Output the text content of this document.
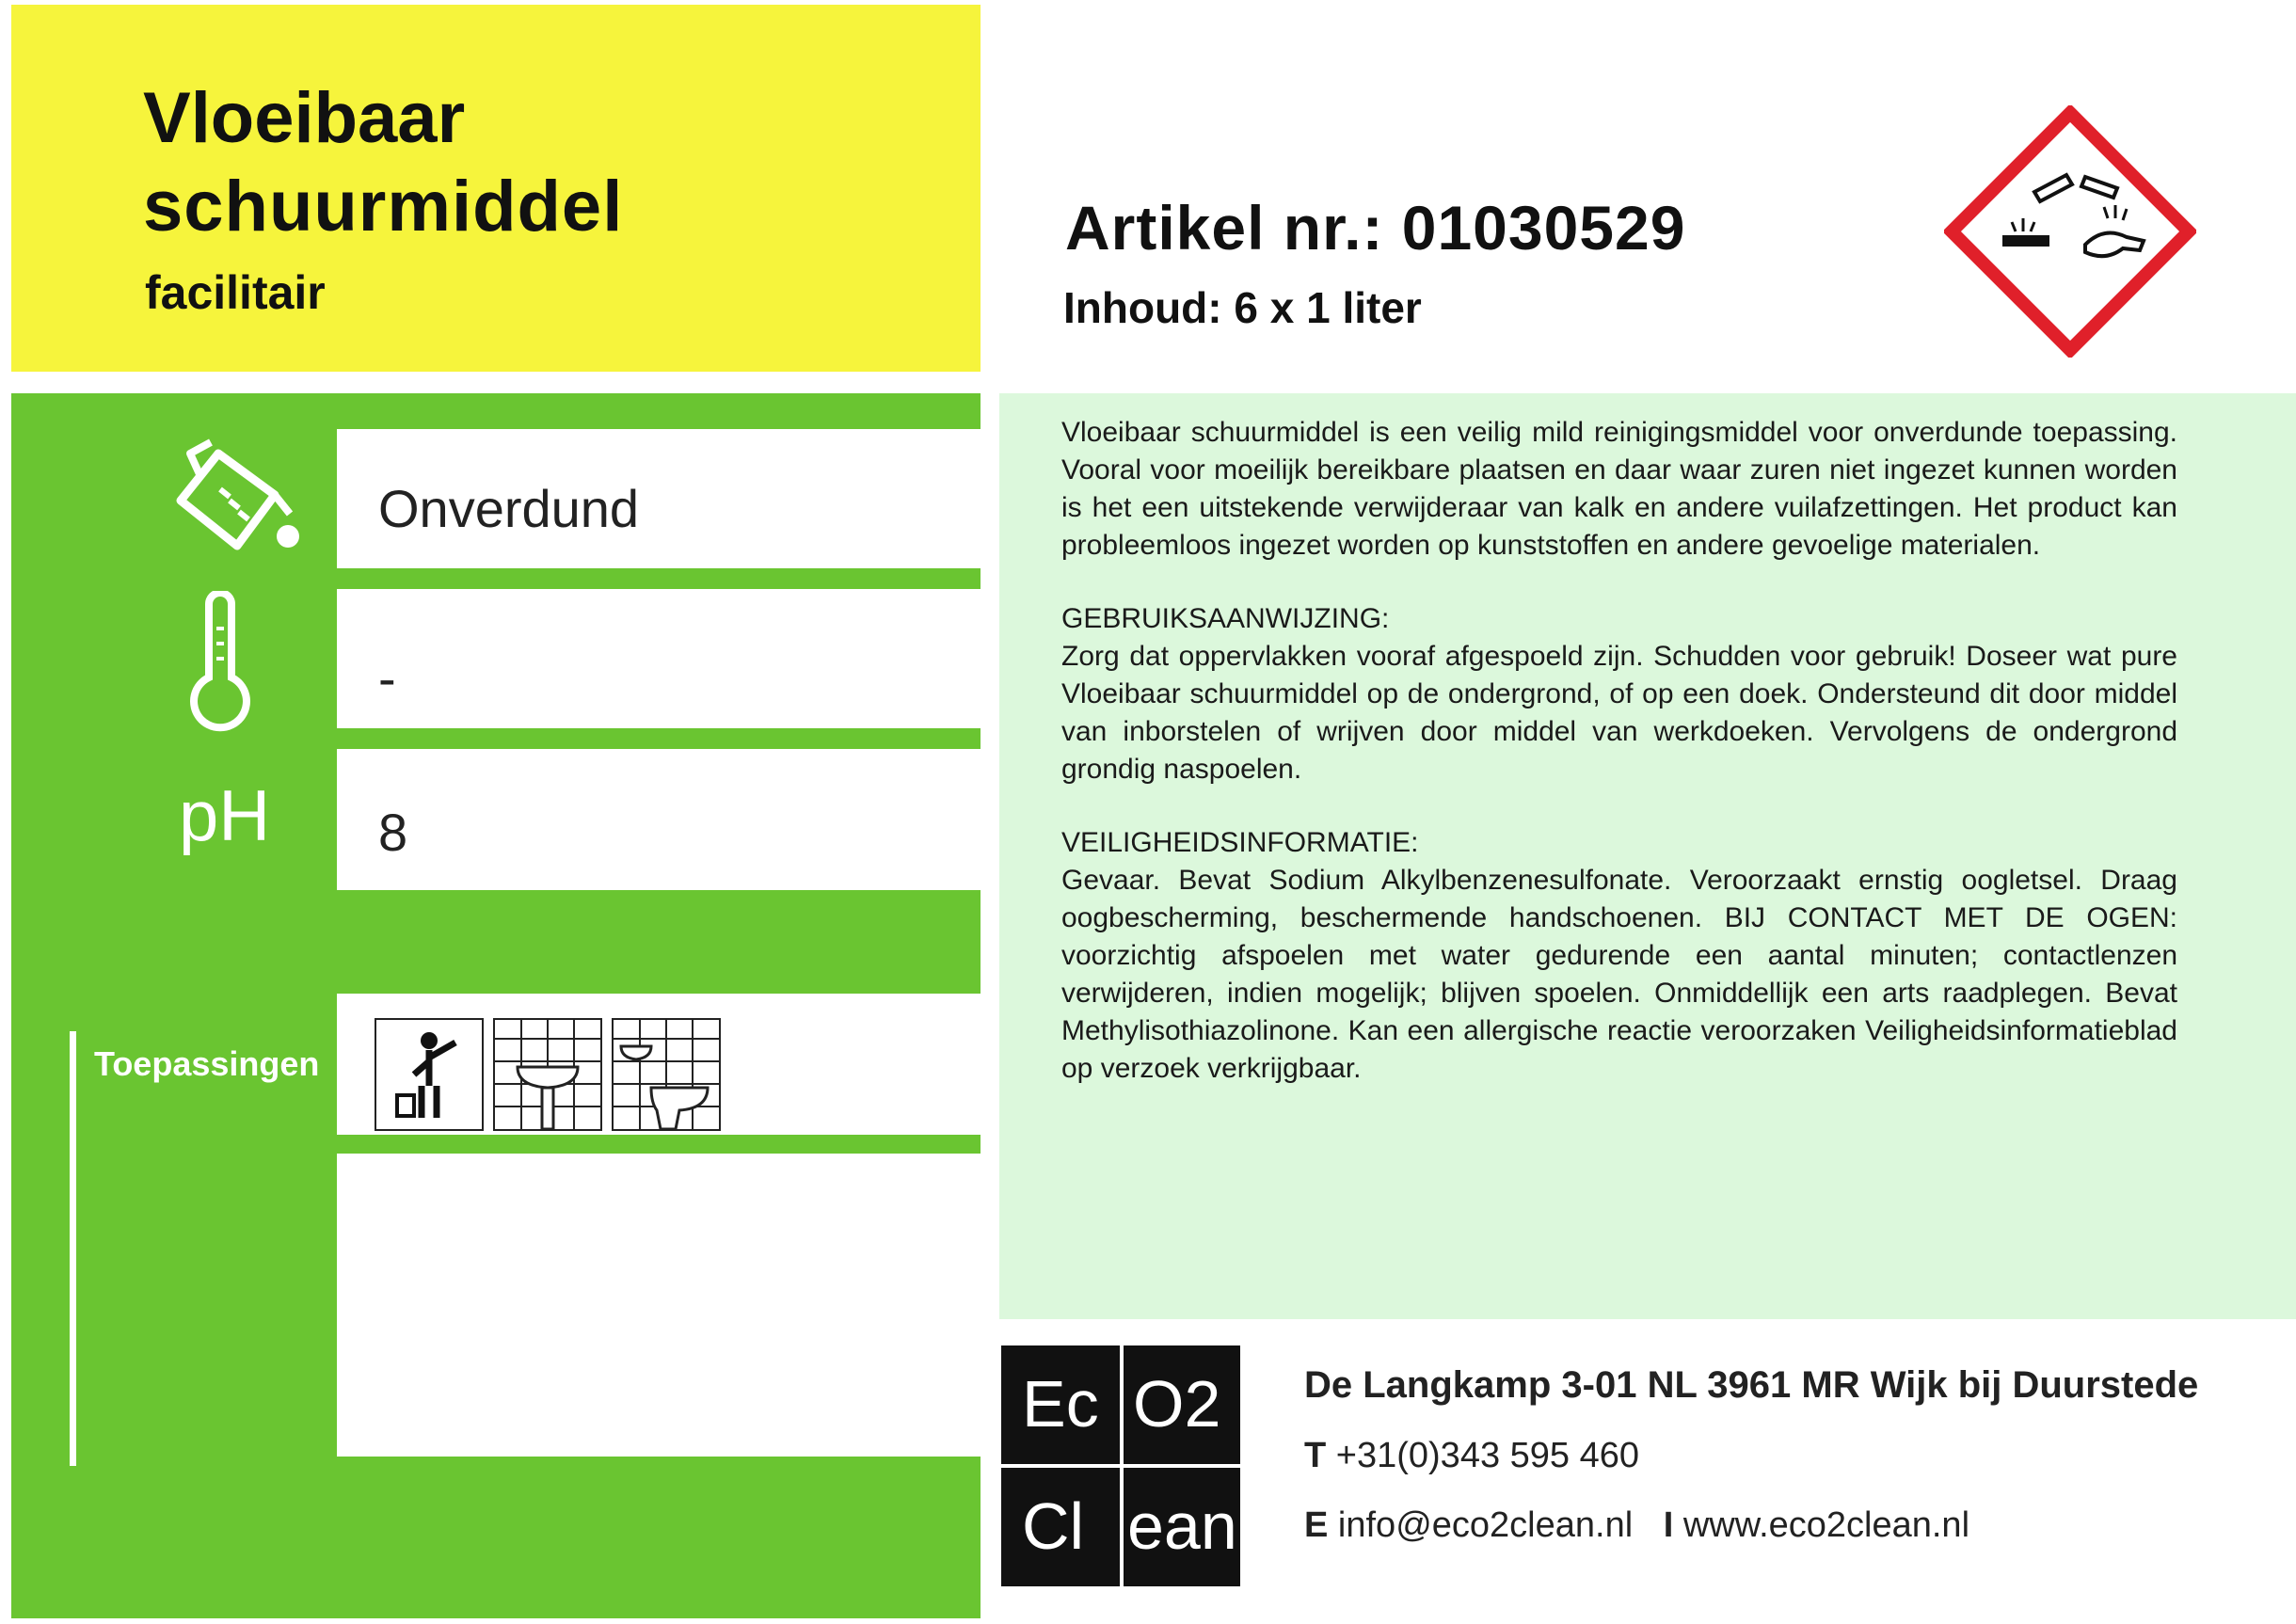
Vloeibaar
schuurmiddel
facilitair
Artikel nr.: 01030529
Inhoud: 6 x 1 liter
Onverdund
-
pH 8
Toepassingen

Vloeibaar schuurmiddel is een veilig mild reinigingsmiddel voor onverdunde toepassing. Vooral voor moeilijk bereikbare plaatsen en daar waar zuren niet ingezet kunnen worden is het een uitstekende verwijderaar van kalk en andere vuilafzettingen. Het product kan probleemloos ingezet worden op kunststoffen en andere gevoelige materialen.

GEBRUIKSAANWIJZING:

Zorg dat oppervlakken vooraf afgespoeld zijn. Schudden voor gebruik! Doseer wat pure Vloeibaar schuurmiddel op de ondergrond, of op een doek. Ondersteund dit door middel van inborstelen of wrijven door middel van werkdoeken. Vervolgens de ondergrond grondig naspoelen.

VEILIGHEIDSINFORMATIE:

Gevaar. Bevat Sodium Alkylbenzenesulfonate. Veroorzaakt ernstig oogletsel. Draag oogbescherming, beschermende handschoenen. BIJ CONTACT MET DE OGEN: voorzichtig afspoelen met water gedurende een aantal minuten; contactlenzen verwijderen, indien mogelijk; blijven spoelen. Onmiddellijk een arts raadplegen. Bevat Methylisothiazolinone. Kan een allergische reactie veroorzaken Veiligheidsinformatieblad op verzoek verkrijgbaar.

Ec O2
Cl ean
De Langkamp 3-01 NL 3961 MR Wijk bij Duurstede
T +31(0)343 595 460
E info@eco2clean.nl I www.eco2clean.nl
